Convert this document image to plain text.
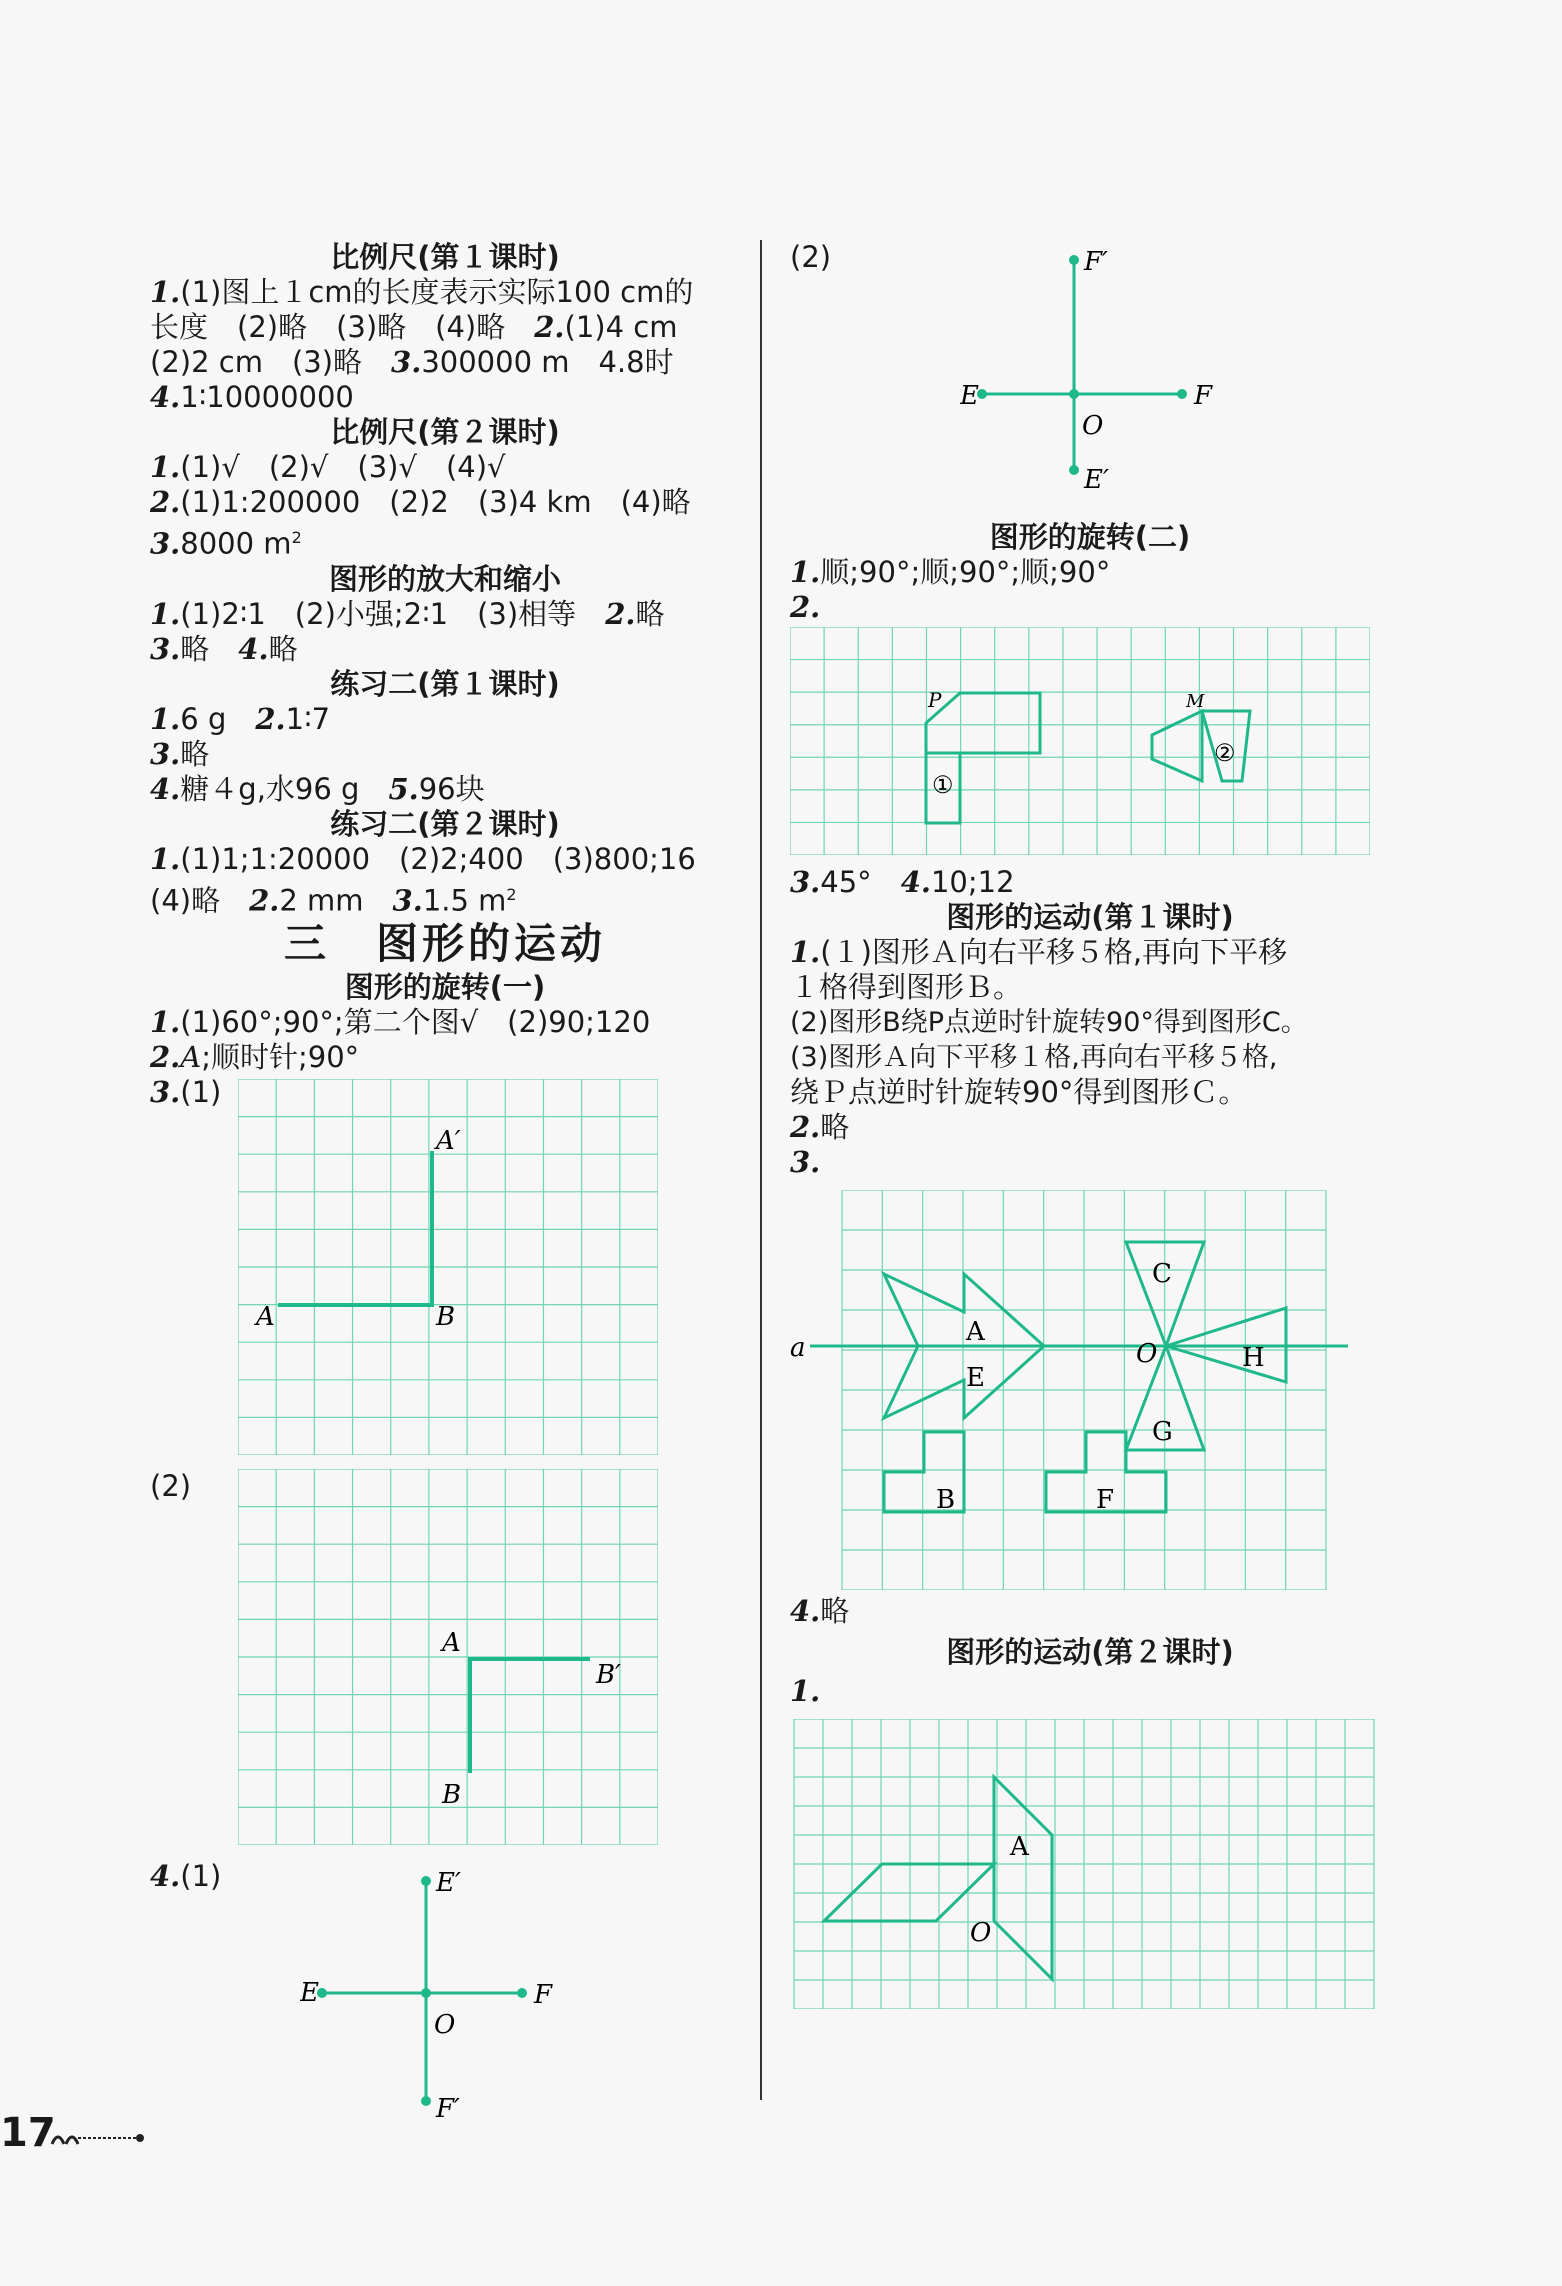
比例尺(第１课时)
1.(1)图上１cm的长度表示实际100 cm的
长度　(2)略　(3)略　(4)略　2.(1)4 cm
(2)2 cm　(3)略　3.300000 m　4.8时
4.1∶10000000
比例尺(第２课时)
1.(1)√　(2)√　(3)√　(4)√
2.(1)1:200000　(2)2　(3)4 km　(4)略
3.8000 $m^2$
图形的放大和缩小
1.(1)2∶1　(2)小强;2∶1　(3)相等　2.略
3.略　4.略
练习二(第１课时)
1.6 g　2.1∶7
3.略
4.糖４g,水96 g　5.96块
练习二(第２课时)
1.(1)1;1:20000　(2)2;400　(3)800;16
(4)略　2.2 mm　3.1.5 $m^2$
三　图形的运动
图形的旋转(一)
1.(1)60°;90°;第二个图√　(2)90;120
2.A;顺时针;90°
3.(1)
A	B
A′
(2)
A
B′
B
4.(1)	E′
E	F
O
F′
(2)	F′
E	F
O
E′
图形的旋转(二)
1.顺;90°;顺;90°;顺;90°
2.
P	M
①
②
3.45°　4.10;12
图形的运动(第１课时)
1.(１)图形Ａ向右平移５格,再向下平移
１格得到图形Ｂ。
(2)图形B绕P点逆时针旋转90°得到图形C。
(3)图形Ａ向下平移１格,再向右平移５格,
绕Ｐ点逆时针旋转90°得到图形Ｃ。
2.略
3.
a
A
E
C
O	H
G
B	F
4.略
图形的运动(第２课时)
1.
A
O
17
